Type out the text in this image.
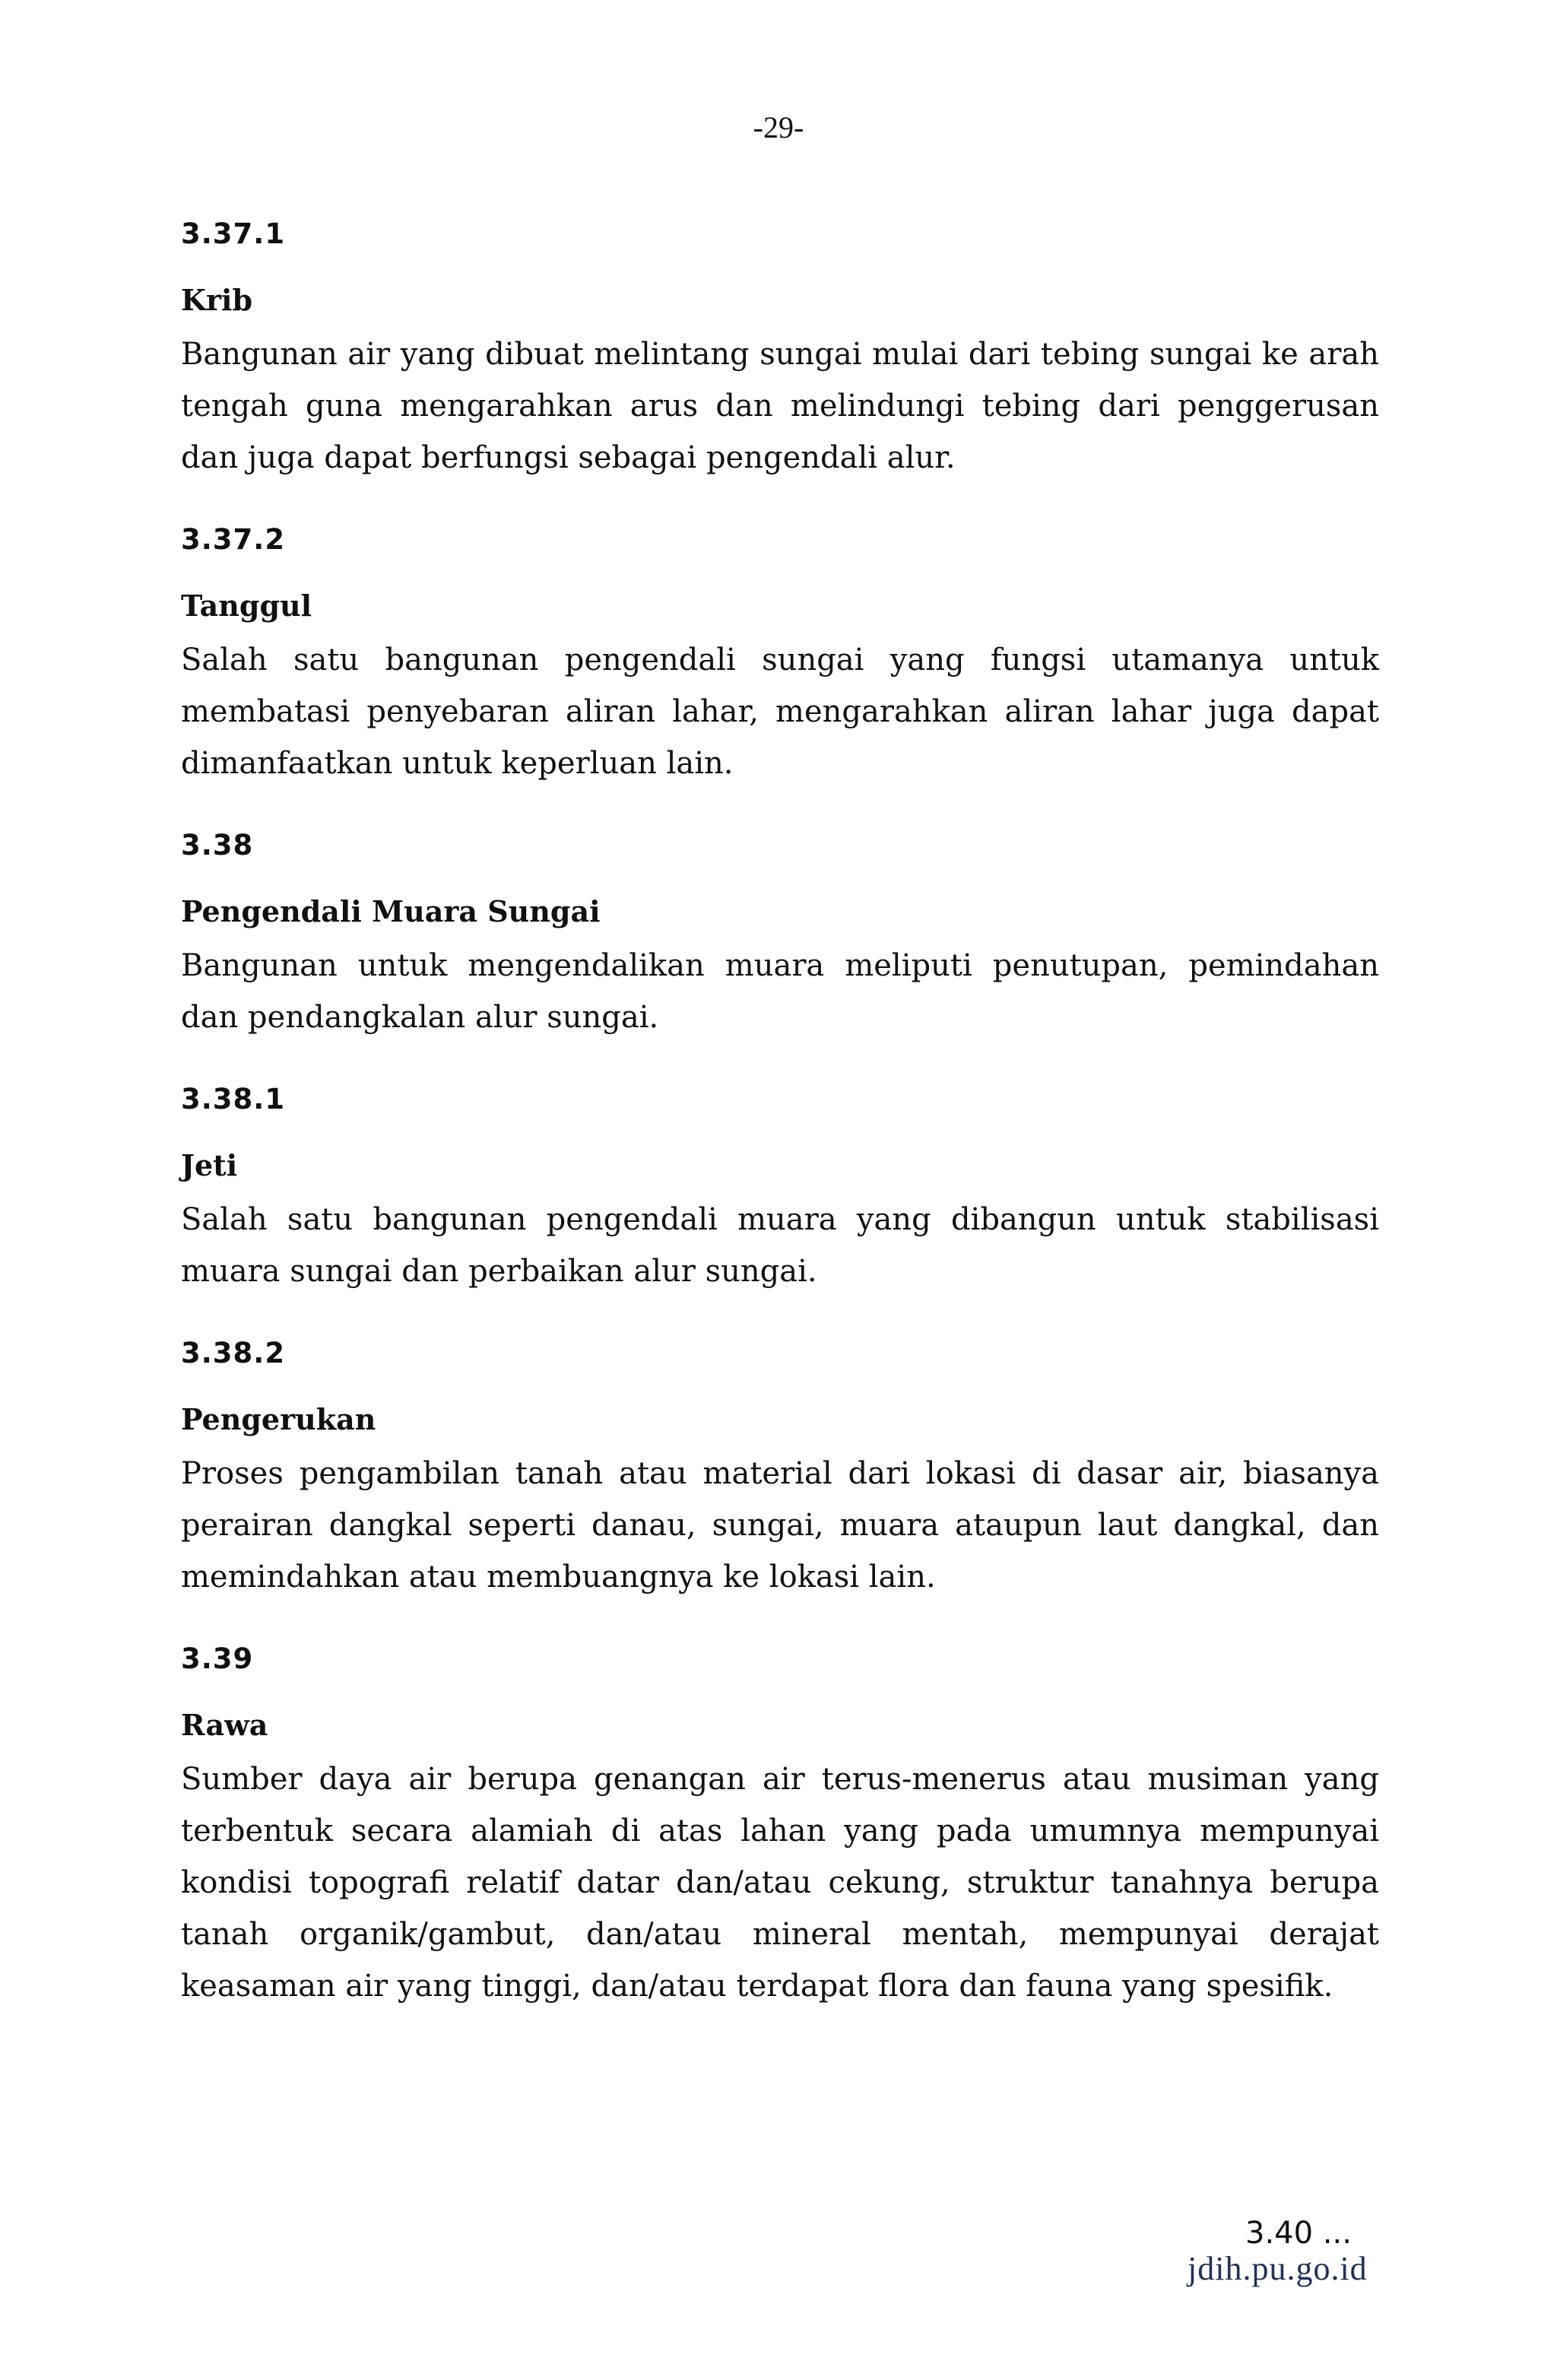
-29-
3.37.1
Krib

Bangunan air yang dibuat melintang sungai mulai dari tebing sungai ke arah tengah guna mengarahkan arus dan melindungi tebing dari penggerusan dan juga dapat berfungsi sebagai pengendali alur.

3.37.2
Tanggul

Salah satu bangunan pengendali sungai yang fungsi utamanya untuk membatasi penyebaran aliran lahar, mengarahkan aliran lahar juga dapat dimanfaatkan untuk keperluan lain.

3.38
Pengendali Muara Sungai

Bangunan untuk mengendalikan muara meliputi penutupan, pemindahan dan pendangkalan alur sungai.

3.38.1
Jeti

Salah satu bangunan pengendali muara yang dibangun untuk stabilisasi muara sungai dan perbaikan alur sungai.

3.38.2
Pengerukan

Proses pengambilan tanah atau material dari lokasi di dasar air, biasanya perairan dangkal seperti danau, sungai, muara ataupun laut dangkal, dan memindahkan atau membuangnya ke lokasi lain.

3.39
Rawa

Sumber daya air berupa genangan air terus-menerus atau musiman yang terbentuk secara alamiah di atas lahan yang pada umumnya mempunyai kondisi topografi relatif datar dan/atau cekung, struktur tanahnya berupa tanah organik/gambut, dan/atau mineral mentah, mempunyai derajat keasaman air yang tinggi, dan/atau terdapat flora dan fauna yang spesifik.

3.40 ...
jdih.pu.go.id
